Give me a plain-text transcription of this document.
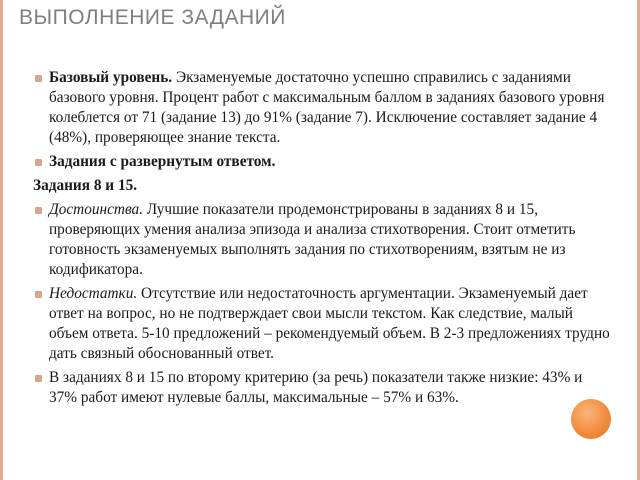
ВЫПОЛНЕНИЕ ЗАДАНИЙ

Базовый уровень. Экзаменуемые достаточно успешно справились с заданиями базового уровня. Процент работ с максимальным баллом в заданиях базового уровня колеблется от 71 (задание 13) до 91% (задание 7). Исключение составляет задание 4 (48%), проверяющее знание текста.

Задания с развернутым ответом.

Задания 8 и 15.

Достоинства. Лучшие показатели продемонстрированы в заданиях 8 и 15, проверяющих умения анализа эпизода и анализа стихотворения. Стоит отметить готовность экзаменуемых выполнять задания по стихотворениям, взятым не из кодификатора.

Недостатки. Отсутствие или недостаточность аргументации. Экзаменуемый дает ответ на вопрос, но не подтверждает свои мысли текстом. Как следствие, малый объем ответа. 5-10 предложений – рекомендуемый объем. В 2-3 предложениях трудно дать связный обоснованный ответ.

В заданиях 8 и 15 по второму критерию (за речь) показатели также низкие: 43% и 37% работ имеют нулевые баллы, максимальные – 57% и 63%.
